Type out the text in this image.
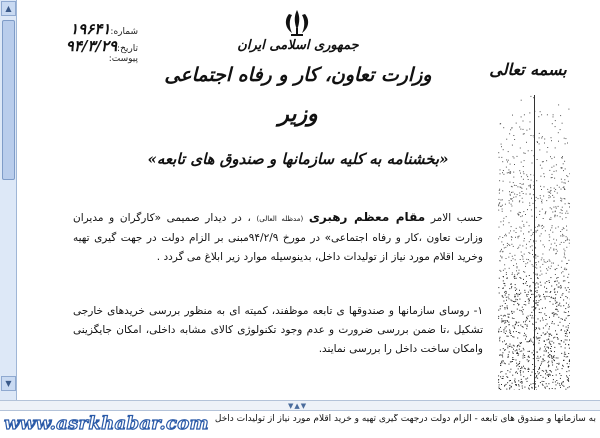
▲
▼
شماره:
۱۹۶۴۱
تاریخ:
۹۴/۳/۲۹
پیوست:
جمهوری اسلامی ایران
وزارت تعاون، کار و رفاه اجتماعی
وزیر
«بخشنامه به کلیه سازمانها و صندوق های تابعه»
بسمه تعالی
حسب الامر مقام معظم رهبری (مدظله العالی) ، در دیدار صمیمی «کارگران و مدیران وزارت تعاون ،کار و رفاه اجتماعی» در مورخ ۹۴/۲/۹مبنی بر الزام دولت در جهت گیری تهیه وخرید اقلام مورد نیاز از تولیدات داخل، بدینوسیله موارد زیر ابلاغ می گردد .
۱- روسای سازمانها و صندوقها ی تابعه موظفند، کمیته ای به منظور بررسی خریدهای خارجی تشکیل ،تا ضمن بررسی ضرورت و عدم وجود تکنولوژی کالای مشابه داخلی، امکان جایگزینی وامکان ساخت داخل را بررسی نمایند.
▼▲▼
www.asrkhabar.com به سازمانها و صندوق های تابعه - الزام دولت درجهت گیری تهیه و خرید اقلام مورد نیاز از تولیدات داخل
